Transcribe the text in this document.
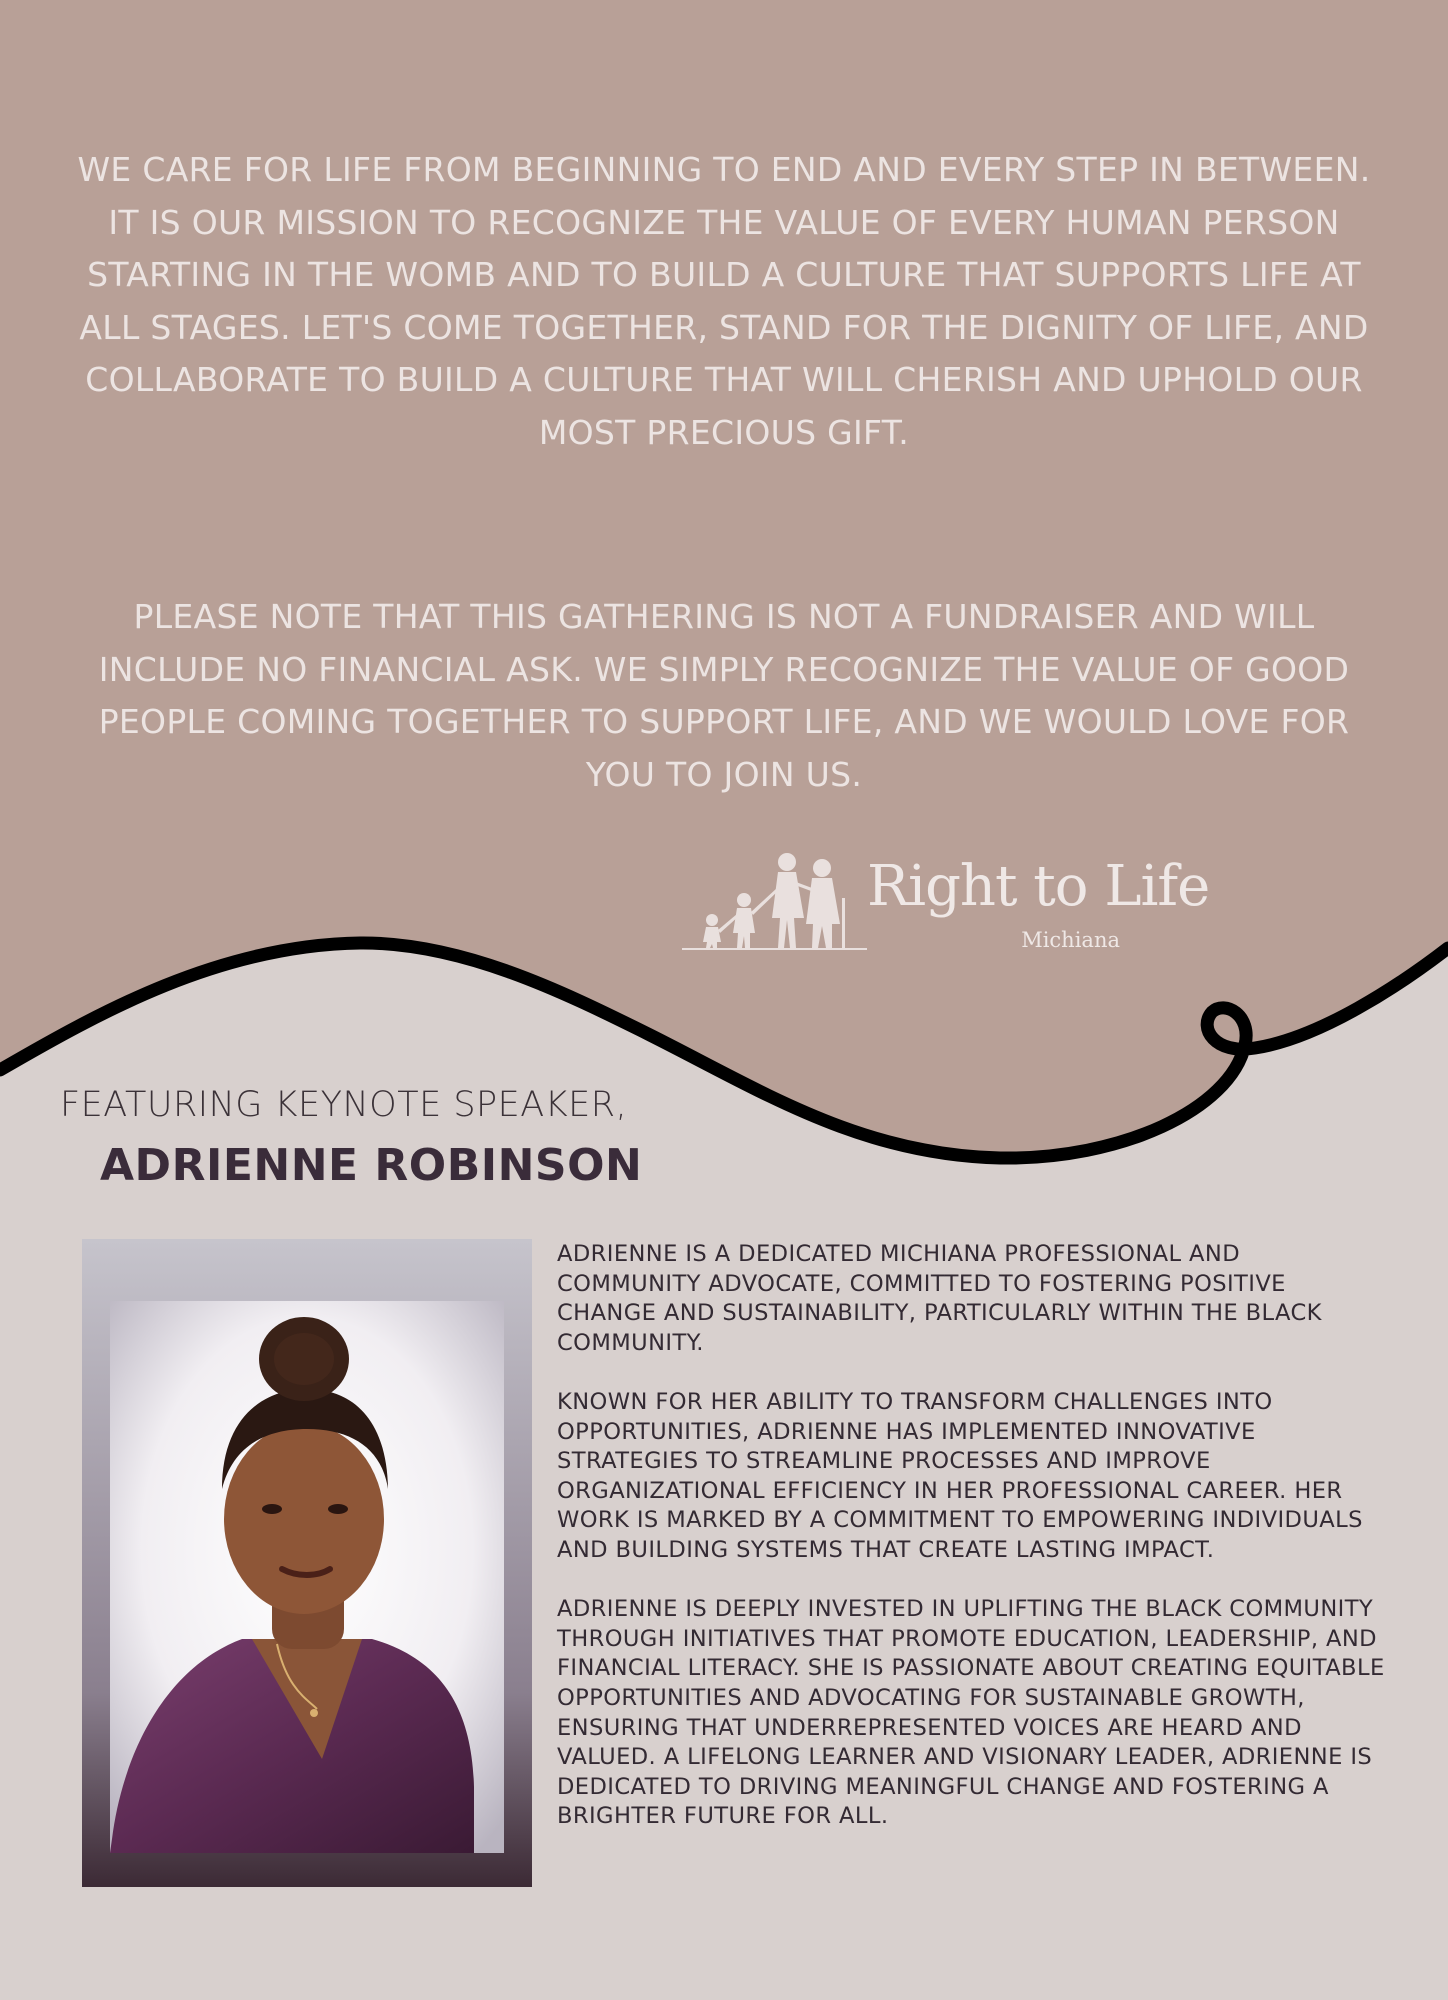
WE CARE FOR LIFE FROM BEGINNING TO END AND EVERY STEP IN BETWEEN. IT IS OUR MISSION TO RECOGNIZE THE VALUE OF EVERY HUMAN PERSON STARTING IN THE WOMB AND TO BUILD A CULTURE THAT SUPPORTS LIFE AT ALL STAGES. LET'S COME TOGETHER, STAND FOR THE DIGNITY OF LIFE, AND COLLABORATE TO BUILD A CULTURE THAT WILL CHERISH AND UPHOLD OUR MOST PRECIOUS GIFT.

PLEASE NOTE THAT THIS GATHERING IS NOT A FUNDRAISER AND WILL INCLUDE NO FINANCIAL ASK. WE SIMPLY RECOGNIZE THE VALUE OF GOOD PEOPLE COMING TOGETHER TO SUPPORT LIFE, AND WE WOULD LOVE FOR YOU TO JOIN US.

Right to Life
Michiana

FEATURING KEYNOTE SPEAKER,

ADRIENNE ROBINSON

ADRIENNE IS A DEDICATED MICHIANA PROFESSIONAL AND COMMUNITY ADVOCATE, COMMITTED TO FOSTERING POSITIVE CHANGE AND SUSTAINABILITY, PARTICULARLY WITHIN THE BLACK COMMUNITY.

KNOWN FOR HER ABILITY TO TRANSFORM CHALLENGES INTO OPPORTUNITIES, ADRIENNE HAS IMPLEMENTED INNOVATIVE STRATEGIES TO STREAMLINE PROCESSES AND IMPROVE ORGANIZATIONAL EFFICIENCY IN HER PROFESSIONAL CAREER. HER WORK IS MARKED BY A COMMITMENT TO EMPOWERING INDIVIDUALS AND BUILDING SYSTEMS THAT CREATE LASTING IMPACT.

ADRIENNE IS DEEPLY INVESTED IN UPLIFTING THE BLACK COMMUNITY THROUGH INITIATIVES THAT PROMOTE EDUCATION, LEADERSHIP, AND FINANCIAL LITERACY. SHE IS PASSIONATE ABOUT CREATING EQUITABLE OPPORTUNITIES AND ADVOCATING FOR SUSTAINABLE GROWTH, ENSURING THAT UNDERREPRESENTED VOICES ARE HEARD AND VALUED. A LIFELONG LEARNER AND VISIONARY LEADER, ADRIENNE IS DEDICATED TO DRIVING MEANINGFUL CHANGE AND FOSTERING A BRIGHTER FUTURE FOR ALL.
